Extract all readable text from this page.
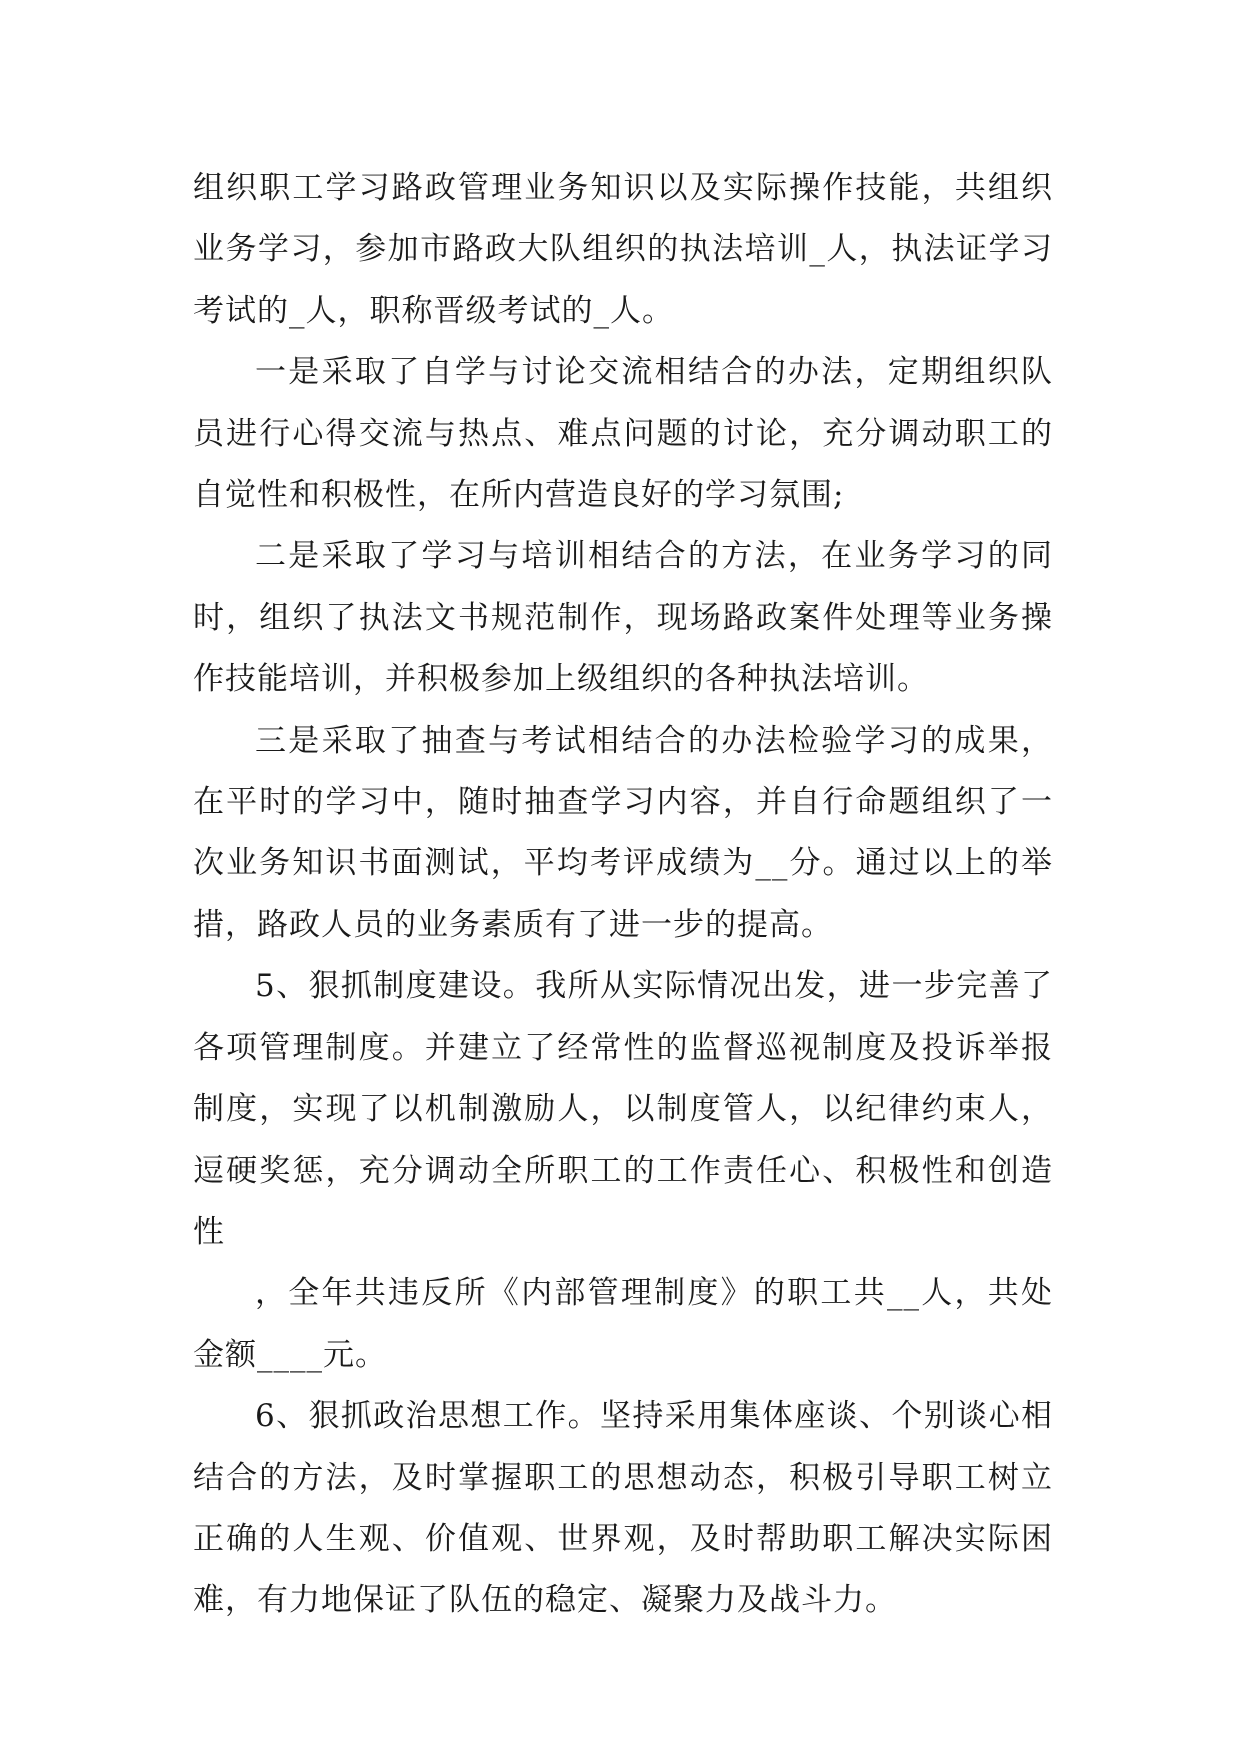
组织职工学习路政管理业务知识以及实际操作技能，共组织业务学习，参加市路政大队组织的执法培训_人，执法证学习考试的_人，职称晋级考试的_人。

一是采取了自学与讨论交流相结合的办法，定期组织队员进行心得交流与热点、难点问题的讨论，充分调动职工的自觉性和积极性，在所内营造良好的学习氛围;

二是采取了学习与培训相结合的方法，在业务学习的同时，组织了执法文书规范制作，现场路政案件处理等业务操作技能培训，并积极参加上级组织的各种执法培训。

三是采取了抽查与考试相结合的办法检验学习的成果，在平时的学习中，随时抽查学习内容，并自行命题组织了一次业务知识书面测试，平均考评成绩为__分。通过以上的举措，路政人员的业务素质有了进一步的提高。

5、狠抓制度建设。我所从实际情况出发，进一步完善了各项管理制度。并建立了经常性的监督巡视制度及投诉举报制度，实现了以机制激励人，以制度管人，以纪律约束人，逗硬奖惩，充分调动全所职工的工作责任心、积极性和创造性

，全年共违反所《内部管理制度》的职工共__人，共处金额____元。

6、狠抓政治思想工作。坚持采用集体座谈、个别谈心相结合的方法，及时掌握职工的思想动态，积极引导职工树立正确的人生观、价值观、世界观，及时帮助职工解决实际困难，有力地保证了队伍的稳定、凝聚力及战斗力。
